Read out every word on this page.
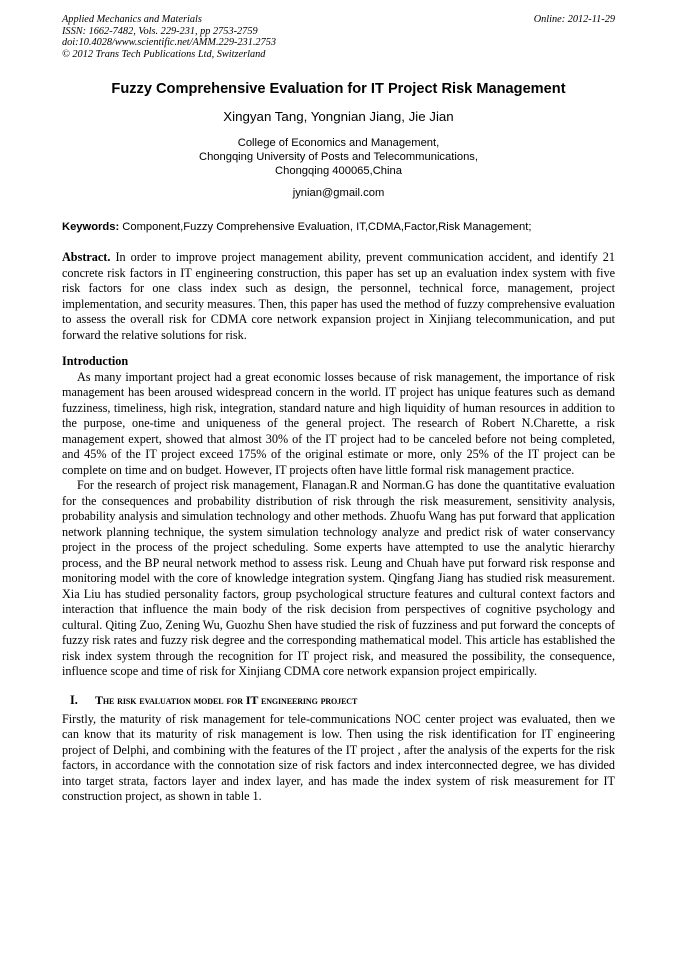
Applied Mechanics and Materials
ISSN: 1662-7482, Vols. 229-231, pp 2753-2759
doi:10.4028/www.scientific.net/AMM.229-231.2753
© 2012 Trans Tech Publications Ltd, Switzerland
Online: 2012-11-29
Fuzzy Comprehensive Evaluation for IT Project Risk Management
Xingyan Tang, Yongnian Jiang, Jie Jian
College of Economics and Management,
Chongqing University of Posts and Telecommunications,
Chongqing 400065,China
jynian@gmail.com
Keywords: Component,Fuzzy Comprehensive Evaluation, IT,CDMA,Factor,Risk Management;

Abstract. In order to improve project management ability, prevent communication accident, and identify 21 concrete risk factors in IT engineering construction, this paper has set up an evaluation index system with five risk factors for one class index such as design, the personnel, technical force, management, project implementation, and security measures. Then, this paper has used the method of fuzzy comprehensive evaluation to assess the overall risk for CDMA core network expansion project in Xinjiang telecommunication, and put forward the relative solutions for risk.

Introduction

As many important project had a great economic losses because of risk management, the importance of risk management has been aroused widespread concern in the world. IT project has unique features such as demand fuzziness, timeliness, high risk, integration, standard nature and high liquidity of human resources in addition to the purpose, one-time and uniqueness of the general project. The research of Robert N.Charette, a risk management expert, showed that almost 30% of the IT project had to be canceled before not being completed, and 45% of the IT project exceed 175% of the original estimate or more, only 25% of the IT project can be complete on time and on budget. However, IT projects often have little formal risk management practice.

For the research of project risk management, Flanagan.R and Norman.G has done the quantitative evaluation for the consequences and probability distribution of risk through the risk measurement, sensitivity analysis, probability analysis and simulation technology and other methods. Zhuofu Wang has put forward that application network planning technique, the system simulation technology analyze and predict risk of water conservancy project in the process of the project scheduling. Some experts have attempted to use the analytic hierarchy process, and the BP neural network method to assess risk. Leung and Chuah have put forward risk response and monitoring model with the core of knowledge integration system. Qingfang Jiang has studied risk measurement. Xia Liu has studied personality factors, group psychological structure features and cultural context factors and interaction that influence the main body of the risk decision from perspectives of cognitive psychology and cultural. Qiting Zuo, Zening Wu, Guozhu Shen have studied the risk of fuzziness and put forward the concepts of fuzzy risk rates and fuzzy risk degree and the corresponding mathematical model. This article has established the risk index system through the recognition for IT project risk, and measured the possibility, the consequence, influence scope and time of risk for Xinjiang CDMA core network expansion project empirically.

I. The risk evaluation model for IT engineering project

Firstly, the maturity of risk management for tele-communications NOC center project was evaluated, then we can know that its maturity of risk management is low. Then using the risk identification for IT engineering project of Delphi, and combining with the features of the IT project , after the analysis of the experts for the risk factors, in accordance with the connotation size of risk factors and index interconnected degree, we has divided into target strata, factors layer and index layer, and has made the index system of risk measurement for IT construction project, as shown in table 1.
